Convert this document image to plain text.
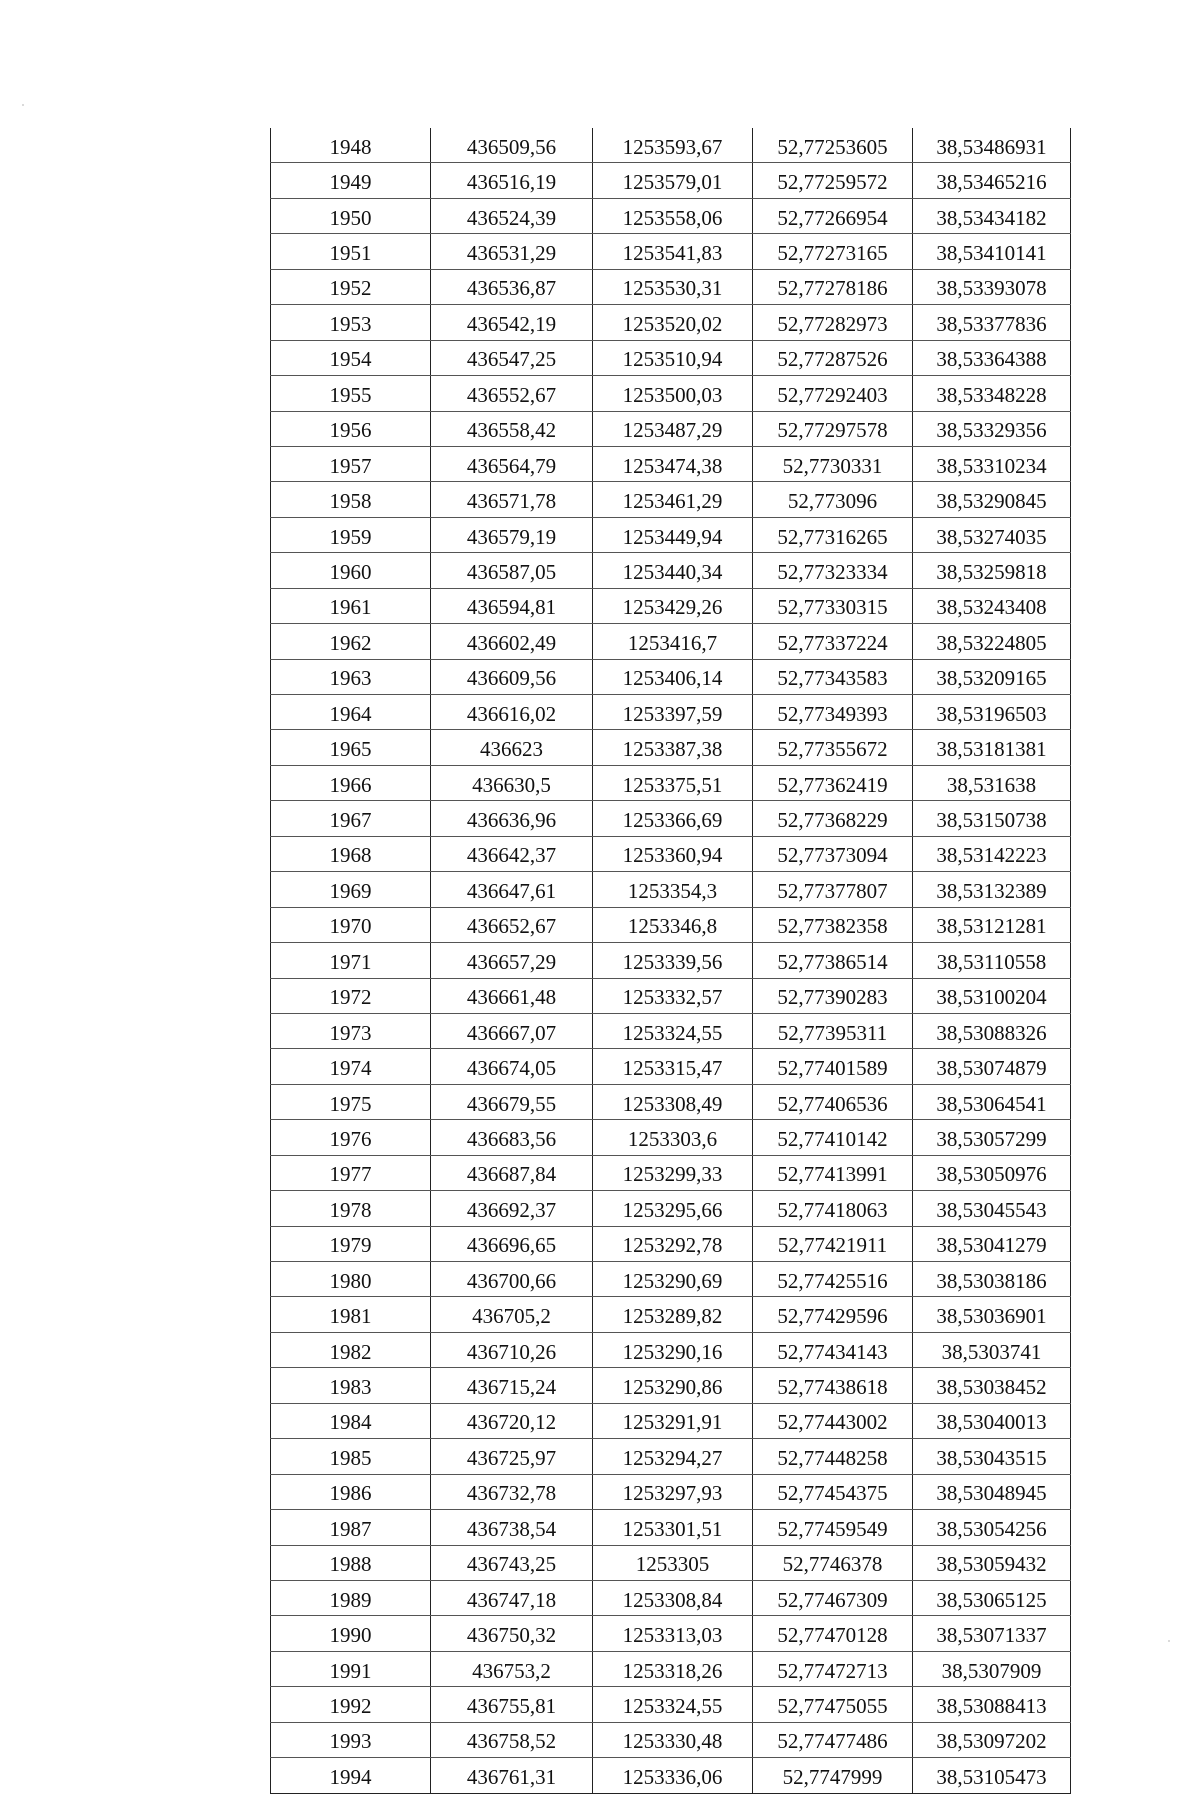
1948	436509,56	1253593,67	52,77253605	38,53486931
1949	436516,19	1253579,01	52,77259572	38,53465216
1950	436524,39	1253558,06	52,77266954	38,53434182
1951	436531,29	1253541,83	52,77273165	38,53410141
1952	436536,87	1253530,31	52,77278186	38,53393078
1953	436542,19	1253520,02	52,77282973	38,53377836
1954	436547,25	1253510,94	52,77287526	38,53364388
1955	436552,67	1253500,03	52,77292403	38,53348228
1956	436558,42	1253487,29	52,77297578	38,53329356
1957	436564,79	1253474,38	52,7730331	38,53310234
1958	436571,78	1253461,29	52,773096	38,53290845
1959	436579,19	1253449,94	52,77316265	38,53274035
1960	436587,05	1253440,34	52,77323334	38,53259818
1961	436594,81	1253429,26	52,77330315	38,53243408
1962	436602,49	1253416,7	52,77337224	38,53224805
1963	436609,56	1253406,14	52,77343583	38,53209165
1964	436616,02	1253397,59	52,77349393	38,53196503
1965	436623	1253387,38	52,77355672	38,53181381
1966	436630,5	1253375,51	52,77362419	38,531638
1967	436636,96	1253366,69	52,77368229	38,53150738
1968	436642,37	1253360,94	52,77373094	38,53142223
1969	436647,61	1253354,3	52,77377807	38,53132389
1970	436652,67	1253346,8	52,77382358	38,53121281
1971	436657,29	1253339,56	52,77386514	38,53110558
1972	436661,48	1253332,57	52,77390283	38,53100204
1973	436667,07	1253324,55	52,77395311	38,53088326
1974	436674,05	1253315,47	52,77401589	38,53074879
1975	436679,55	1253308,49	52,77406536	38,53064541
1976	436683,56	1253303,6	52,77410142	38,53057299
1977	436687,84	1253299,33	52,77413991	38,53050976
1978	436692,37	1253295,66	52,77418063	38,53045543
1979	436696,65	1253292,78	52,77421911	38,53041279
1980	436700,66	1253290,69	52,77425516	38,53038186
1981	436705,2	1253289,82	52,77429596	38,53036901
1982	436710,26	1253290,16	52,77434143	38,5303741
1983	436715,24	1253290,86	52,77438618	38,53038452
1984	436720,12	1253291,91	52,77443002	38,53040013
1985	436725,97	1253294,27	52,77448258	38,53043515
1986	436732,78	1253297,93	52,77454375	38,53048945
1987	436738,54	1253301,51	52,77459549	38,53054256
1988	436743,25	1253305	52,7746378	38,53059432
1989	436747,18	1253308,84	52,77467309	38,53065125
1990	436750,32	1253313,03	52,77470128	38,53071337
1991	436753,2	1253318,26	52,77472713	38,5307909
1992	436755,81	1253324,55	52,77475055	38,53088413
1993	436758,52	1253330,48	52,77477486	38,53097202
1994	436761,31	1253336,06	52,7747999	38,53105473
